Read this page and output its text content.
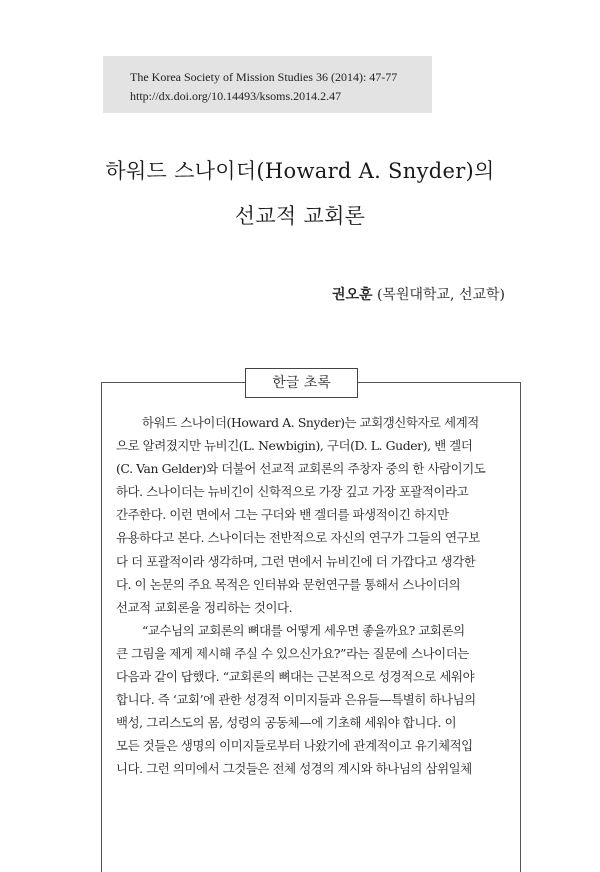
The Korea Society of Mission Studies 36 (2014): 47-77
http://dx.doi.org/10.14493/ksoms.2014.2.47
하워드 스나이더(Howard A. Snyder)의
선교적 교회론
권오훈 (목원대학교, 선교학)
한글 초록
하워드 스나이더(Howard A. Snyder)는 교회갱신학자로 세계적
으로 알려졌지만 뉴비긴(L. Newbigin), 구더(D. L. Guder), 밴 겔더
(C. Van Gelder)와 더불어 선교적 교회론의 주창자 중의 한 사람이기도
하다. 스나이더는 뉴비긴이 신학적으로 가장 깊고 가장 포괄적이라고
간주한다. 이런 면에서 그는 구더와 밴 겔더를 파생적이긴 하지만
유용하다고 본다. 스나이더는 전반적으로 자신의 연구가 그들의 연구보
다 더 포괄적이라 생각하며, 그런 면에서 뉴비긴에 더 가깝다고 생각한
다. 이 논문의 주요 목적은 인터뷰와 문헌연구를 통해서 스나이더의
선교적 교회론을 정리하는 것이다.
“교수님의 교회론의 뼈대를 어떻게 세우면 좋을까요? 교회론의
큰 그림을 제게 제시해 주실 수 있으신가요?”라는 질문에 스나이더는
다음과 같이 답했다. “교회론의 뼈대는 근본적으로 성경적으로 세워야
합니다. 즉 ‘교회’에 관한 성경적 이미지들과 은유들—특별히 하나님의
백성, 그리스도의 몸, 성령의 공동체—에 기초해 세워야 합니다. 이
모든 것들은 생명의 이미지들로부터 나왔기에 관계적이고 유기체적입
니다. 그런 의미에서 그것들은 전체 성경의 계시와 하나님의 삼위일체
